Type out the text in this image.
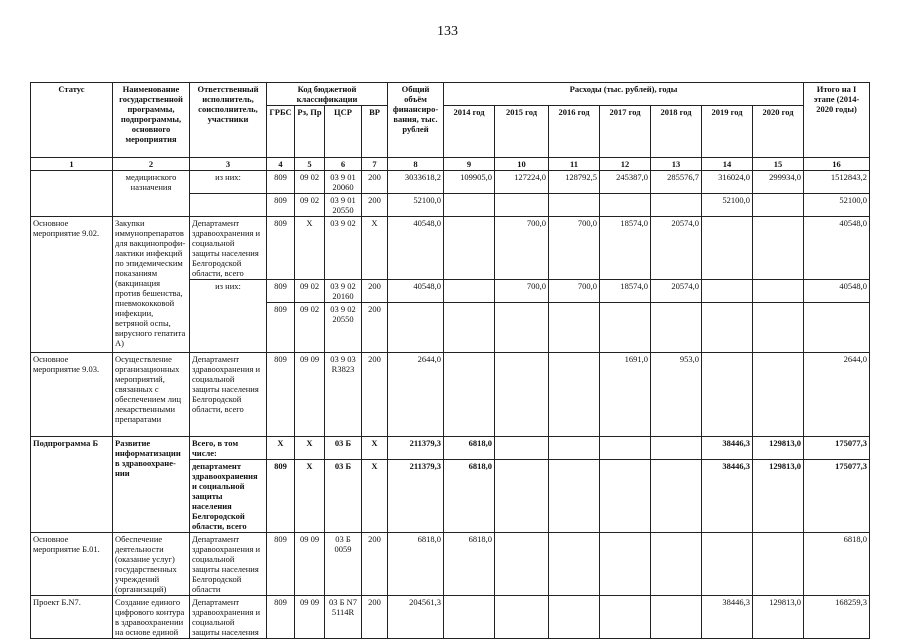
133
Статус	Наименование государственной программы, подпрограммы, основного мероприятия	Ответственный исполнитель, соисполнитель, участники	Код бюджетной классификации				Общий объём финансиро-вания, тыс. рублей	Расходы (тыс. рублей), годы							Итого на I этапе (2014-2020 годы)
			ГРБС	Рз, Пр	ЦСР	ВР		2014 год	2015 год	2016 год	2017 год	2018 год	2019 год	2020 год	
1	2	3	4	5	6	7	8	9	10	11	12	13	14	15	16
	медицинского назначения	из них:	809	09 02	03 9 01 20060	200	3033618,2	109905,0	127224,0	128792,5	245387,0	285576,7	316024,0	299934,0	1512843,2
			809	09 02	03 9 01 20550	200	52100,0						52100,0		52100,0
Основное мероприятие 9.02.	Закупки иммунопрепаратов для вакцинопрофи-лактики инфекций по эпидемическим показаниям (вакцинация против бешенства, пневмококковой инфекции, ветряной оспы, вирусного гепатита А)	Департамент здравоохранения и социальной защиты населения Белгородской области, всего	809	Х	03 9 02	Х	40548,0		700,0	700,0	18574,0	20574,0			40548,0
		из них:	809	09 02	03 9 02 20160	200	40548,0		700,0	700,0	18574,0	20574,0			40548,0
			809	09 02	03 9 02 20550	200									
Основное мероприятие 9.03.	Осуществление организационных мероприятий, связанных с обеспечением лиц лекарственными препаратами	Департамент здравоохранения и социальной защиты населения Белгородской области, всего	809	09 09	03 9 03 R3823	200	2644,0				1691,0	953,0			2644,0
Подпрограмма Б	Развитие информатизации в здравоохране-нии	Всего, в том числе:	Х	Х	03 Б	Х	211379,3	6818,0					38446,3	129813,0	175077,3
		департамент здравоохранения и социальной защиты населения Белгородской области, всего	809	Х	03 Б	Х	211379,3	6818,0					38446,3	129813,0	175077,3
Основное мероприятие Б.01.	Обеспечение деятельности (оказание услуг) государственных учреждений (организаций)	Департамент здравоохранения и социальной защиты населения Белгородской области	809	09 09	03 Б 0059	200	6818,0	6818,0							6818,0
Проект Б.N7.	Создание единого цифрового контура в здравоохранении на основе единой	Департамент здравоохранения и социальной защиты населения	809	09 09	03 Б N7 5114R	200	204561,3						38446,3	129813,0	168259,3
